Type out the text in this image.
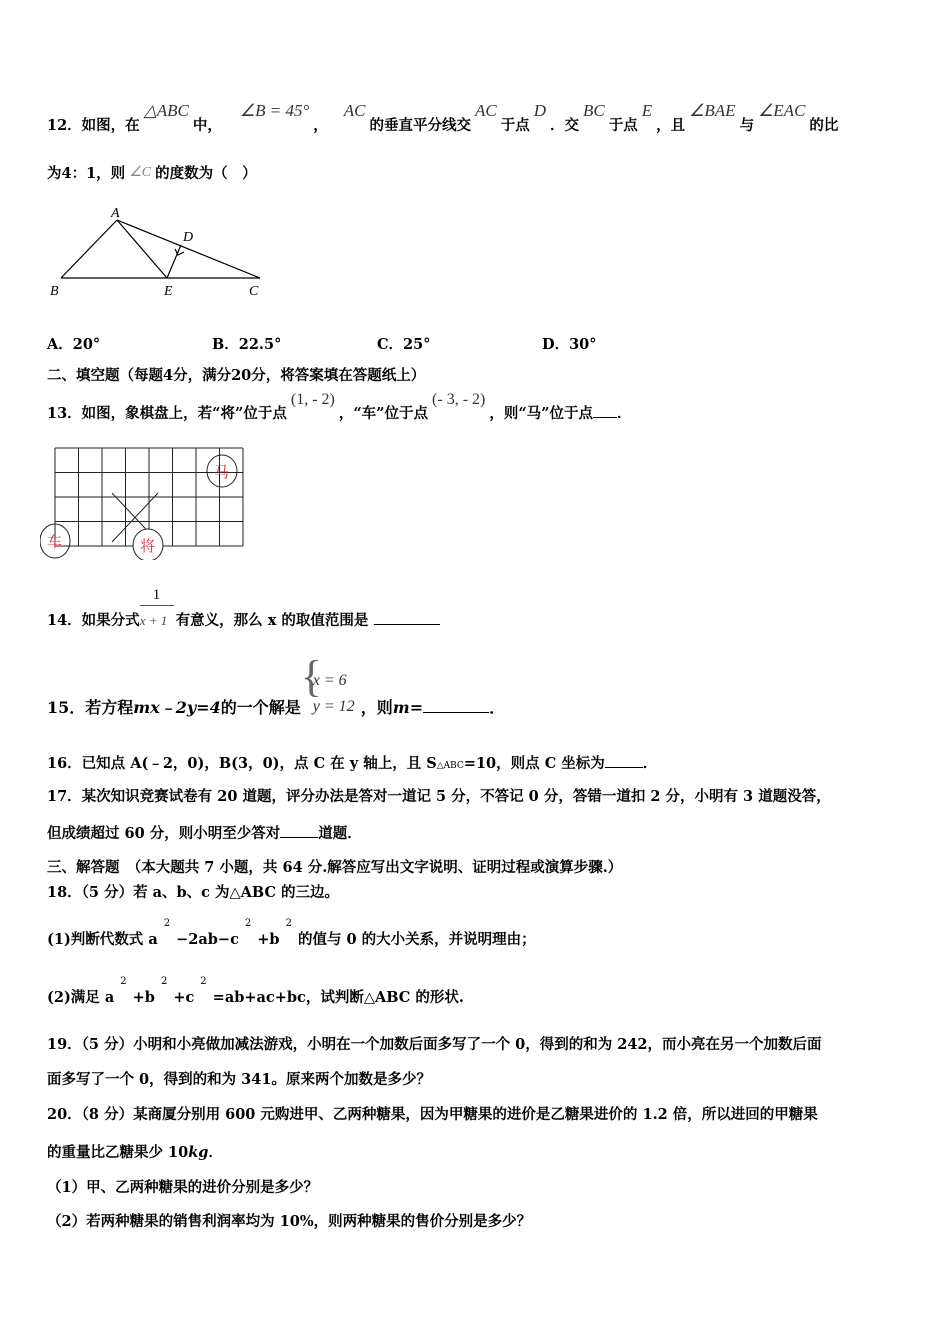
12．如图，在△ABC中，∠B = 45°，AC的垂直平分线交AC于点D．交BC于点E，且∠BAE与∠EAC的比
为4：1，则 ∠C 的度数为（　）
A
B	C
D
E
A．20°	B．22.5°	C．25°	D．30°
二、填空题（每题4分，满分20分，将答案填在答题纸上）
13．如图，象棋盘上，若“将”位于点(1, - 2)，“车”位于点(- 3, - 2)，则“马”位于点 ．
马
车	将
14．如果分式 $\frac{1}{x + 1}$有意义，那么 x 的取值范围是
15．若方程mx﹣2y=4的一个解是
{
x = 6
y = 12 ，则m=	．
16．已知点 A(﹣2，0)，B(3，0)，点 C 在 y 轴上，且 S△ABC=10，则点 C 坐标为	．
17．某次知识竞赛试卷有 20 道题，评分办法是答对一道记 5 分，不答记 0 分，答错一道扣 2 分，小明有 3 道题没答，
但成绩超过 60 分，则小明至少答对	道题．
三、解答题　（本大题共 7 小题，共 64 分.解答应写出文字说明、证明过程或演算步骤.）
18．（5 分）若 a、b、c 为△ABC 的三边。
(1)判断代数式 $a^2-2ab-c^2+b^2$的值与 0 的大小关系，并说明理由；
(2)满足 $a^2+b^2+c^2=ab+ac+bc$，试判断△ABC 的形状.
19．（5 分）小明和小亮做加减法游戏，小明在一个加数后面多写了一个 0，得到的和为 242，而小亮在另一个加数后面
面多写了一个 0，得到的和为 341。原来两个加数是多少？
20．（8 分）某商厦分别用 600 元购进甲、乙两种糖果，因为甲糖果的进价是乙糖果进价的 1.2 倍，所以进回的甲糖果
的重量比乙糖果少 10kg．
（1）甲、乙两种糖果的进价分别是多少？
（2）若两种糖果的销售利润率均为 10%，则两种糖果的售价分别是多少？
